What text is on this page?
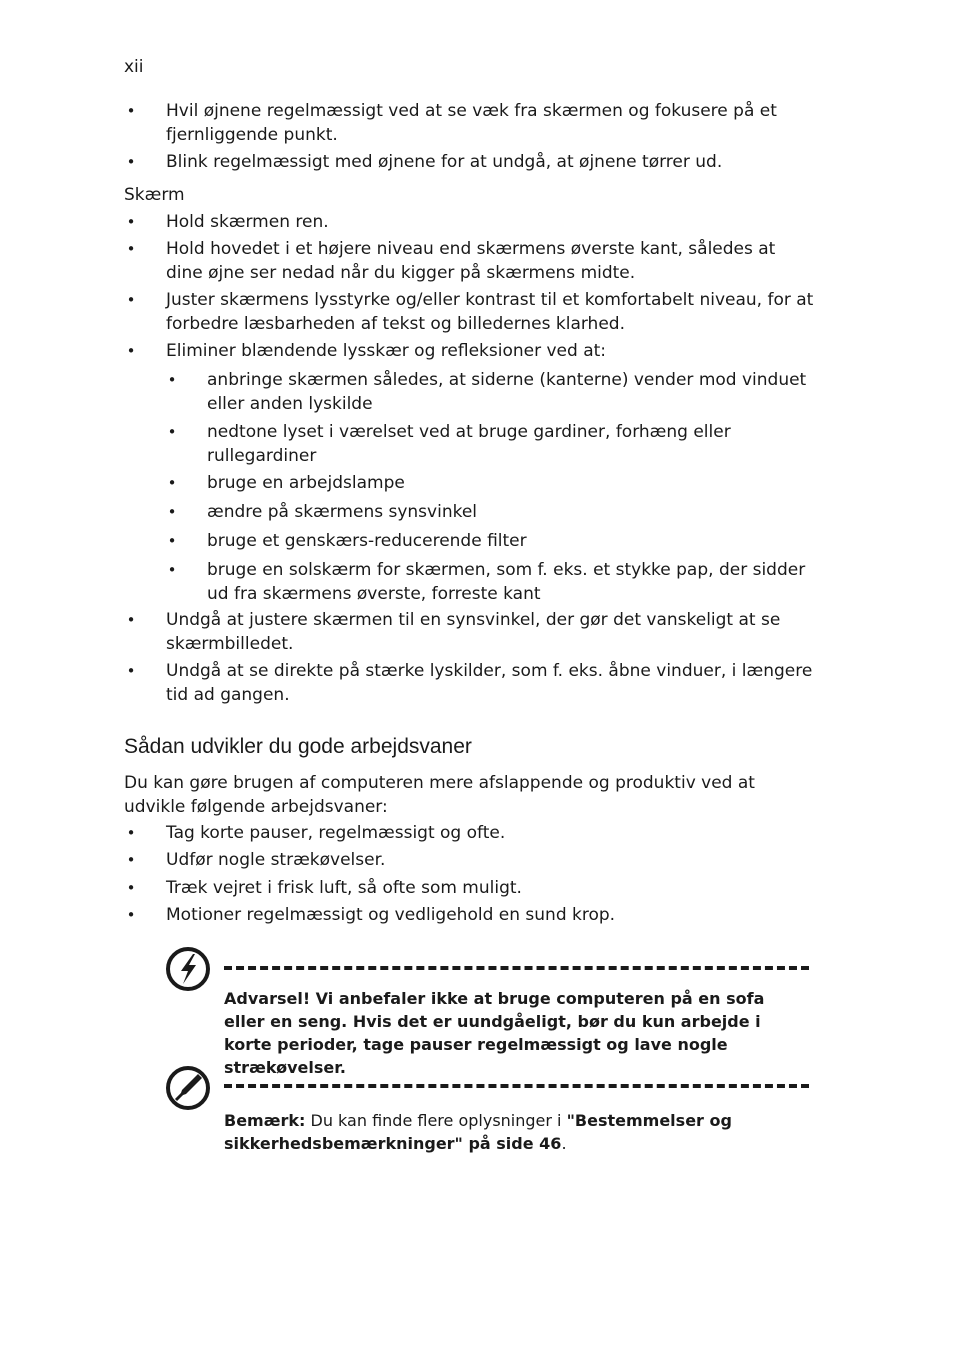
xii
• Hvil øjnene regelmæssigt ved at se væk fra skærmen og fokusere på et fjernliggende punkt.
• Blink regelmæssigt med øjnene for at undgå, at øjnene tørrer ud.
Skærm
• Hold skærmen ren.
• Hold hovedet i et højere niveau end skærmens øverste kant, således at dine øjne ser nedad når du kigger på skærmens midte.
• Juster skærmens lysstyrke og/eller kontrast til et komfortabelt niveau, for at forbedre læsbarheden af tekst og billedernes klarhed.
• Eliminer blændende lysskær og refleksioner ved at:
• anbringe skærmen således, at siderne (kanterne) vender mod vinduet eller anden lyskilde
• nedtone lyset i værelset ved at bruge gardiner, forhæng eller rullegardiner
• bruge en arbejdslampe
• ændre på skærmens synsvinkel
• bruge et genskærs-reducerende filter
• bruge en solskærm for skærmen, som f. eks. et stykke pap, der sidder ud fra skærmens øverste, forreste kant
• Undgå at justere skærmen til en synsvinkel, der gør det vanskeligt at se skærmbilledet.
• Undgå at se direkte på stærke lyskilder, som f. eks. åbne vinduer, i længere tid ad gangen.
Sådan udvikler du gode arbejdsvaner
Du kan gøre brugen af computeren mere afslappende og produktiv ved at udvikle følgende arbejdsvaner:
• Tag korte pauser, regelmæssigt og ofte.
• Udfør nogle strækøvelser.
• Træk vejret i frisk luft, så ofte som muligt.
• Motioner regelmæssigt og vedligehold en sund krop.
Advarsel! Vi anbefaler ikke at bruge computeren på en sofa eller en seng. Hvis det er uundgåeligt, bør du kun arbejde i korte perioder, tage pauser regelmæssigt og lave nogle strækøvelser.
Bemærk: Du kan finde flere oplysninger i "Bestemmelser og sikkerhedsbemærkninger" på side 46.
